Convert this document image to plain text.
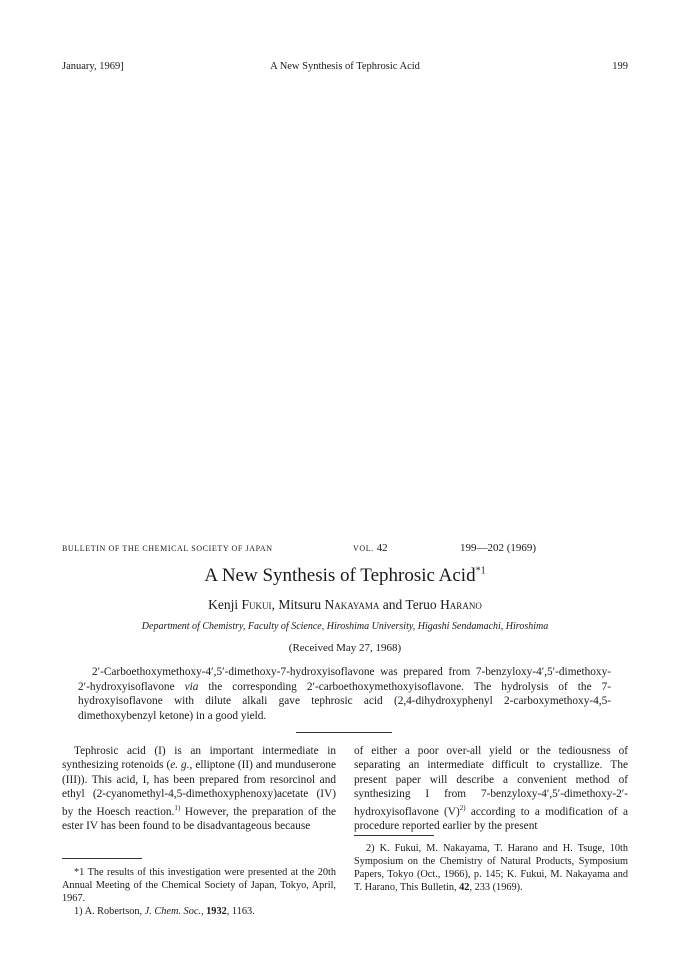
January, 1969]	A New Synthesis of Tephrosic Acid	199
BULLETIN OF THE CHEMICAL SOCIETY OF JAPAN	VOL. 42	199—202 (1969)
A New Synthesis of Tephrosic Acid$^{*1}$
Kenji Fukui, Mitsuru Nakayama and Teruo Harano
Department of Chemistry, Faculty of Science, Hiroshima University, Higashi Sendamachi, Hiroshima
(Received May 27, 1968)

2′-Carboethoxymethoxy-4′,5′-dimethoxy-7-hydroxyisoflavone was prepared from 7-benzyloxy-4′,5′-dimethoxy-2′-hydroxyisoflavone via the corresponding 2′-carboethoxymethoxyisoflavone. The hydrolysis of the 7-hydroxyisoflavone with dilute alkali gave tephrosic acid (2,4-dihydroxyphenyl 2-carboxymethoxy-4,5-dimethoxybenzyl ketone) in a good yield.

Tephrosic acid (I) is an important intermediate in synthesizing rotenoids (e. g., elliptone (II) and munduserone (III)). This acid, I, has been prepared from resorcinol and ethyl (2-cyanomethyl-4,5-dimethoxyphenoxy)acetate (IV) by the Hoesch reaction.$^{1)}$ However, the preparation of the ester IV has been found to be disadvantageous because

of either a poor over-all yield or the tediousness of separating an intermediate difficult to crystallize. The present paper will describe a convenient method of synthesizing I from 7-benzyloxy-4′,5′-dimethoxy-2′-hydroxyisoflavone $(V)^{2)}$ according to a modification of a procedure reported earlier by the present

*1 The results of this investigation were presented at the 20th Annual Meeting of the Chemical Society of Japan, Tokyo, April, 1967.

1) A. Robertson, J. Chem. Soc., 1932, 1163.

2) K. Fukui, M. Nakayama, T. Harano and H. Tsuge, 10th Symposium on the Chemistry of Natural Products, Symposium Papers, Tokyo (Oct., 1966), p. 145; K. Fukui, M. Nakayama and T. Harano, This Bulletin, 42, 233 (1969).
